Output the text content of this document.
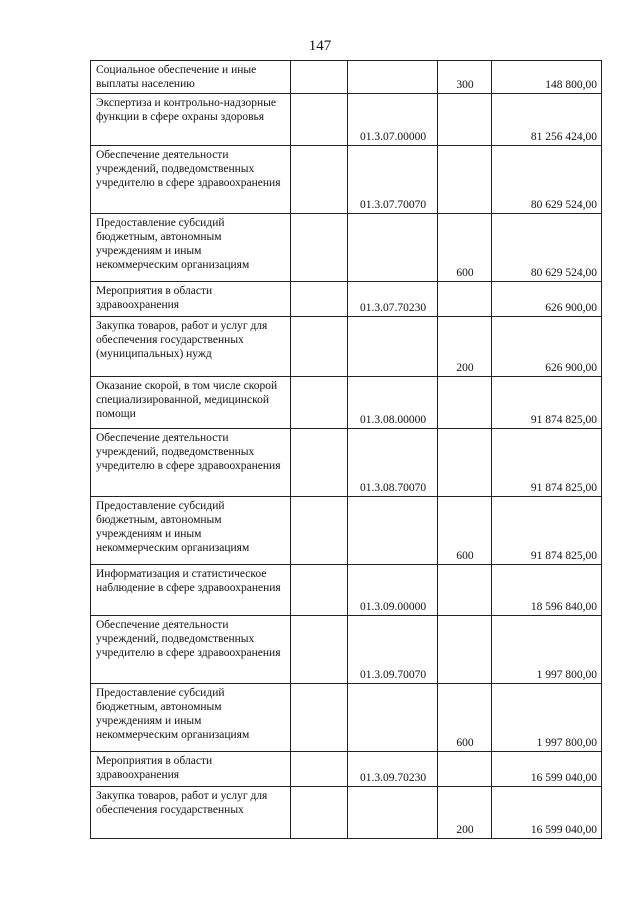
147
Социальное обеспечение и иные выплаты населению			300	148 800,00
Экспертиза и контрольно-надзорные функции в сфере охраны здоровья		01.3.07.00000		81 256 424,00
Обеспечение деятельности учреждений, подведомственных учредителю в сфере здравоохранения		01.3.07.70070		80 629 524,00
Предоставление субсидий бюджетным, автономным учреждениям и иным некоммерческим организациям			600	80 629 524,00
Мероприятия в области здравоохранения		01.3.07.70230		626 900,00
Закупка товаров, работ и услуг для обеспечения государственных (муниципальных) нужд			200	626 900,00
Оказание скорой, в том числе скорой специализированной, медицинской помощи		01.3.08.00000		91 874 825,00
Обеспечение деятельности учреждений, подведомственных учредителю в сфере здравоохранения		01.3.08.70070		91 874 825,00
Предоставление субсидий бюджетным, автономным учреждениям и иным некоммерческим организациям			600	91 874 825,00
Информатизация и статистическое наблюдение в сфере здравоохранения		01.3.09.00000		18 596 840,00
Обеспечение деятельности учреждений, подведомственных учредителю в сфере здравоохранения		01.3.09.70070		1 997 800,00
Предоставление субсидий бюджетным, автономным учреждениям и иным некоммерческим организациям			600	1 997 800,00
Мероприятия в области здравоохранения		01.3.09.70230		16 599 040,00
Закупка товаров, работ и услуг для обеспечения государственных			200	16 599 040,00
